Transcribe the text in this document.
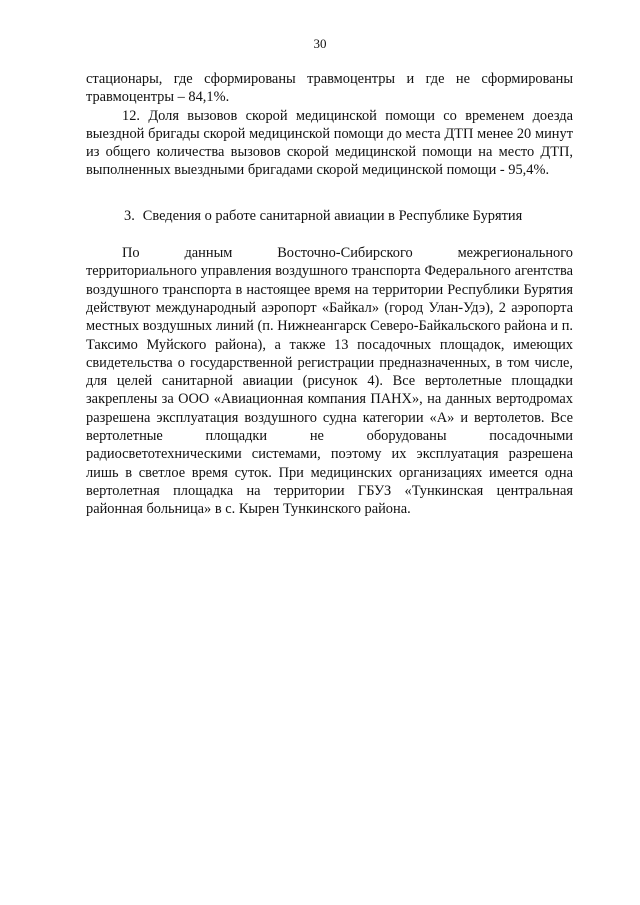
30

стационары, где сформированы травмоцентры и где не сформированы травмоцентры – 84,1%.

12. Доля вызовов скорой медицинской помощи со временем доезда выездной бригады скорой медицинской помощи до места ДТП менее 20 минут из общего количества вызовов скорой медицинской помощи на место ДТП, выполненных выездными бригадами скорой медицинской помощи - 95,4%.

3. Сведения о работе санитарной авиации в Республике Бурятия

По	данным	Восточно-Сибирского	межрегионального

территориального управления воздушного транспорта Федерального агентства воздушного транспорта в настоящее время на территории Республики Бурятия действуют международный аэропорт «Байкал» (город Улан-Удэ), 2 аэропорта местных воздушных линий (п. Нижнеангарск Северо-Байкальского района и п. Таксимо Муйского района), а также 13 посадочных площадок, имеющих свидетельства о государственной регистрации предназначенных, в том числе, для целей санитарной авиации (рисунок 4). Все вертолетные площадки закреплены за ООО «Авиационная компания ПАНХ», на данных вертодромах разрешена эксплуатация воздушного судна категории «А» и вертолетов. Все вертолетные площадки не оборудованы посадочными радиосветотехническими системами, поэтому их эксплуатация разрешена лишь в светлое время суток. При медицинских организациях имеется одна вертолетная площадка на территории ГБУЗ «Тункинская центральная районная больница» в с. Кырен Тункинского района.
